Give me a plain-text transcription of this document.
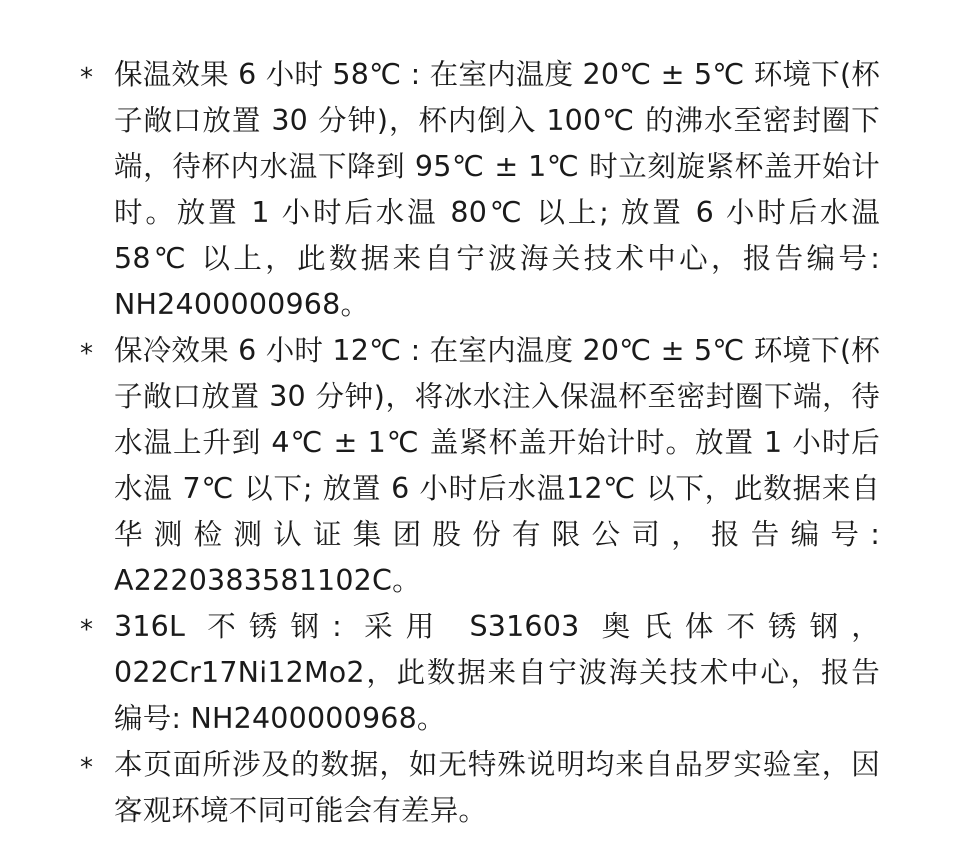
* 保温效果 6 小时 58℃ : 在室内温度 20℃ ± 5℃ 环境下(杯子敞口放置 30 分钟)，杯内倒入 100℃ 的沸水至密封圈下端，待杯内水温下降到 95℃ ± 1℃ 时立刻旋紧杯盖开始计时。放置 1 小时后水温 80℃ 以上; 放置 6 小时后水温 58℃ 以上，此数据来自宁波海关技术中心，报告编号: NH2400000968。
* 保冷效果 6 小时 12℃ : 在室内温度 20℃ ± 5℃ 环境下(杯子敞口放置 30 分钟)，将冰水注入保温杯至密封圈下端，待水温上升到 4℃ ± 1℃ 盖紧杯盖开始计时。放置 1 小时后水温 7℃ 以下; 放置 6 小时后水温12℃ 以下，此数据来自华测检测认证集团股份有限公司，报告编号: A2220383581102C。
* 316L 不锈钢: 采用 S31603 奥氏体不锈钢，022Cr17Ni12Mo2，此数据来自宁波海关技术中心，报告编号: NH2400000968。
* 本页面所涉及的数据，如无特殊说明均来自品罗实验室，因客观环境不同可能会有差异。
